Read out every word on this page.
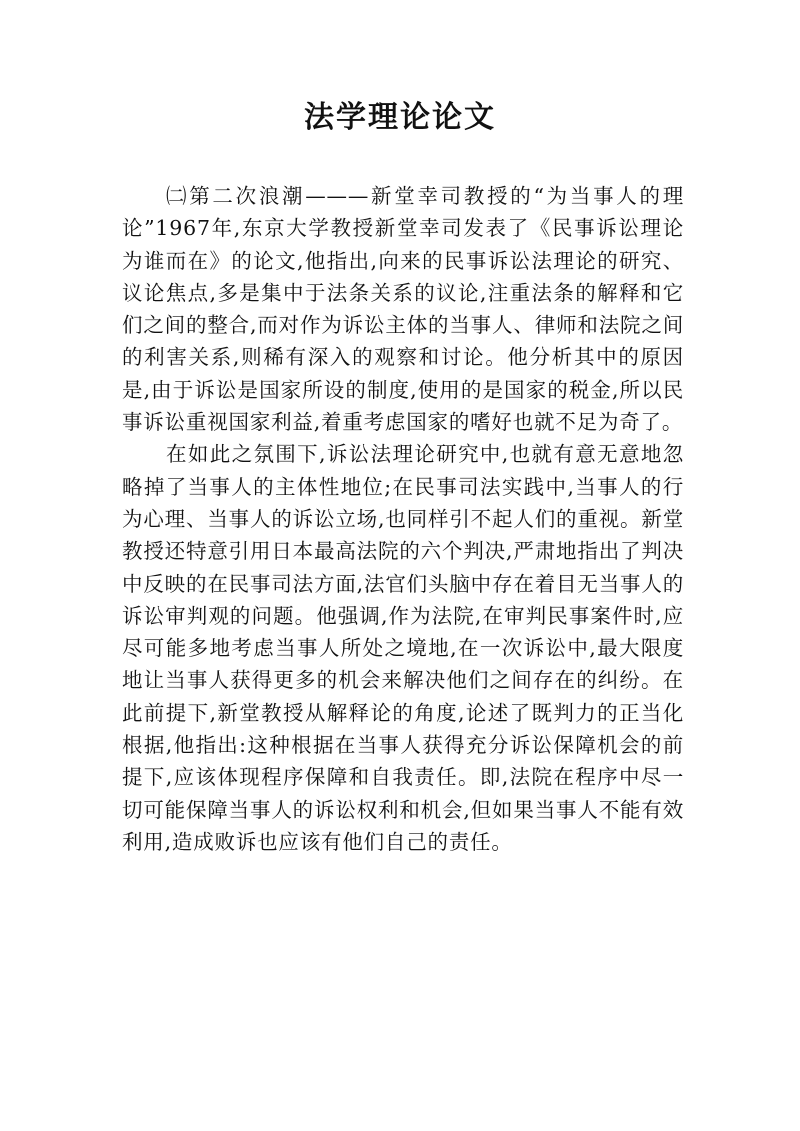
法学理论论文

㈡第二次浪潮———新堂幸司教授的“为当事人的理论”1967年,东京大学教授新堂幸司发表了《民事诉讼理论为谁而在》的论文,他指出,向来的民事诉讼法理论的研究、议论焦点,多是集中于法条关系的议论,注重法条的解释和它们之间的整合,而对作为诉讼主体的当事人、律师和法院之间的利害关系,则稀有深入的观察和讨论。他分析其中的原因是,由于诉讼是国家所设的制度,使用的是国家的税金,所以民事诉讼重视国家利益,着重考虑国家的嗜好也就不足为奇了。

在如此之氛围下,诉讼法理论研究中,也就有意无意地忽略掉了当事人的主体性地位;在民事司法实践中,当事人的行为心理、当事人的诉讼立场,也同样引不起人们的重视。新堂教授还特意引用日本最高法院的六个判决,严肃地指出了判决中反映的在民事司法方面,法官们头脑中存在着目无当事人的诉讼审判观的问题。他强调,作为法院,在审判民事案件时,应尽可能多地考虑当事人所处之境地,在一次诉讼中,最大限度地让当事人获得更多的机会来解决他们之间存在的纠纷。在此前提下,新堂教授从解释论的角度,论述了既判力的正当化根据,他指出:这种根据在当事人获得充分诉讼保障机会的前提下,应该体现程序保障和自我责任。即,法院在程序中尽一切可能保障当事人的诉讼权利和机会,但如果当事人不能有效利用,造成败诉也应该有他们自己的责任。
